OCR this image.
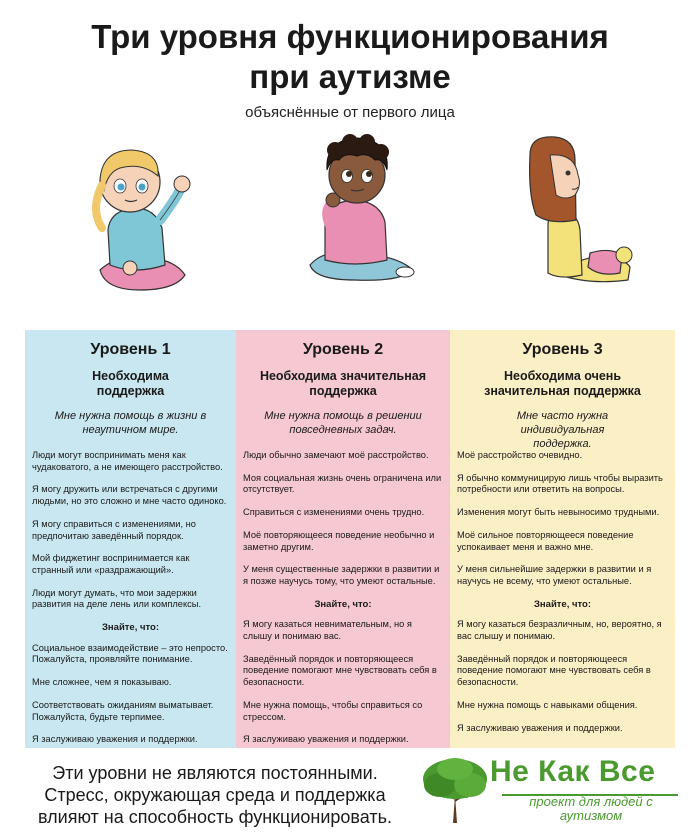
Три уровня функционирования
при аутизме
объяснённые от первого лица
Уровень 1
Необходима поддержка
Мне нужна помощь в жизни в неаутичном мире.

Люди могут воспринимать меня как чудаковатого, а не имеющего расстройство.

Я могу дружить или встречаться с другими людьми, но это сложно и мне часто одиноко.

Я могу справиться с изменениями, но предпочитаю заведённый порядок.

Мой фиджетинг воспринимается как странный или «раздражающий».

Люди могут думать, что мои задержки развития на деле лень или комплексы.

Знайте, что:

Социальное взаимодействие – это непросто. Пожалуйста, проявляйте понимание.

Мне сложнее, чем я показываю.

Соответствовать ожиданиям выматывает. Пожалуйста, будьте терпимее.

Я заслуживаю уважения и поддержки.

Уровень 2
Необходима значительная поддержка
Мне нужна помощь в решении повседневных задач.

Люди обычно замечают моё расстройство.

Моя социальная жизнь очень ограничена или отсутствует.

Справиться с изменениями очень трудно.

Моё повторяющееся поведение необычно и заметно другим.

У меня существенные задержки в развитии и я позже научусь тому, что умеют остальные.

Знайте, что:

Я могу казаться невнимательным, но я слышу и понимаю вас.

Заведённый порядок и повторяющееся поведение помогают мне чувствовать себя в безопасности.

Мне нужна помощь, чтобы справиться со стрессом.

Я заслуживаю уважения и поддержки.

Уровень 3
Необходима очень значительная поддержка
Мне часто нужна индивидуальная поддержка.

Моё расстройство очевидно.

Я обычно коммуницирую лишь чтобы выразить потребности или ответить на вопросы.

Изменения могут быть невыносимо трудными.

Моё сильное повторяющееся поведение успокаивает меня и важно мне.

У меня сильнейшие задержки в развитии и я научусь не всему, что умеют остальные.

Знайте, что:

Я могу казаться безразличным, но, вероятно, я вас слышу и понимаю.

Заведённый порядок и повторяющееся поведение помогают мне чувствовать себя в безопасности.

Мне нужна помощь с навыками общения.

Я заслуживаю уважения и поддержки.

Эти уровни не являются постоянными. Стресс, окружающая среда и поддержка влияют на способность функционировать.
Не Как Все
проект для людей с аутизмом
